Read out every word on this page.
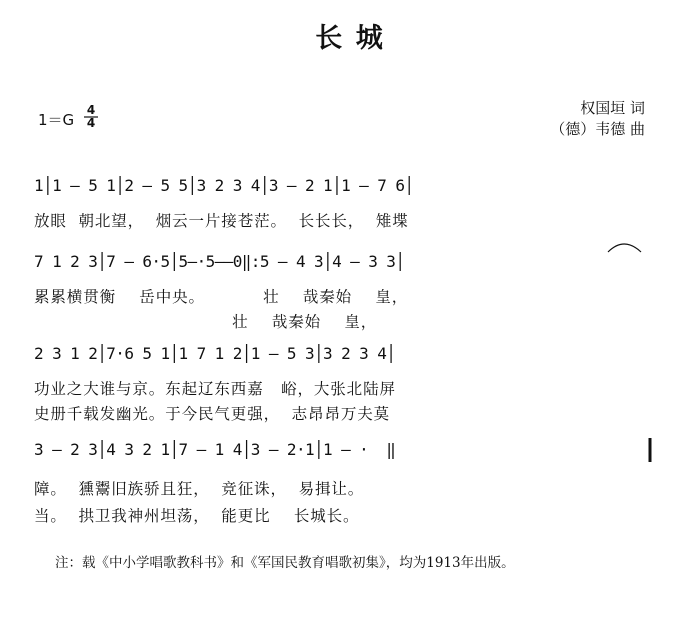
长 城
1＝G
4
4
权国垣 词
（德）韦德 曲
1│1 — 5 1│2 — 5 5│3 2 3 4│3 — 2 1│1 — 7 6│
放眼  朝北望，  烟云一片接苍茫。  长长长，  雉堞
7 1 2 3│7 — 6·5│5—·5——0‖:5 — 4 3│4 — 3 3│
累累横贯衡    岳中央。          壮    哉秦始    皇，
壮    哉秦始    皇，
2 3 1 2│7·6 5 1│1 7 1 2│1 — 5 3│3 2 3 4│
功业之大谁与京。东起辽东西嘉   峪，大张北陆屏
史册千载发幽光。于今民气更强，  志昂昂万夫莫
3 — 2 3│4 3 2 1│7 — 1 4│3 — 2·1│1 — ·  ‖
障。  獯鬻旧族骄且狂，  竞征诛，  易揖让。
当。  拱卫我神州坦荡，  能更比    长城长。
注：载《中小学唱歌教科书》和《军国民教育唱歌初集》，均为1913年出版。
